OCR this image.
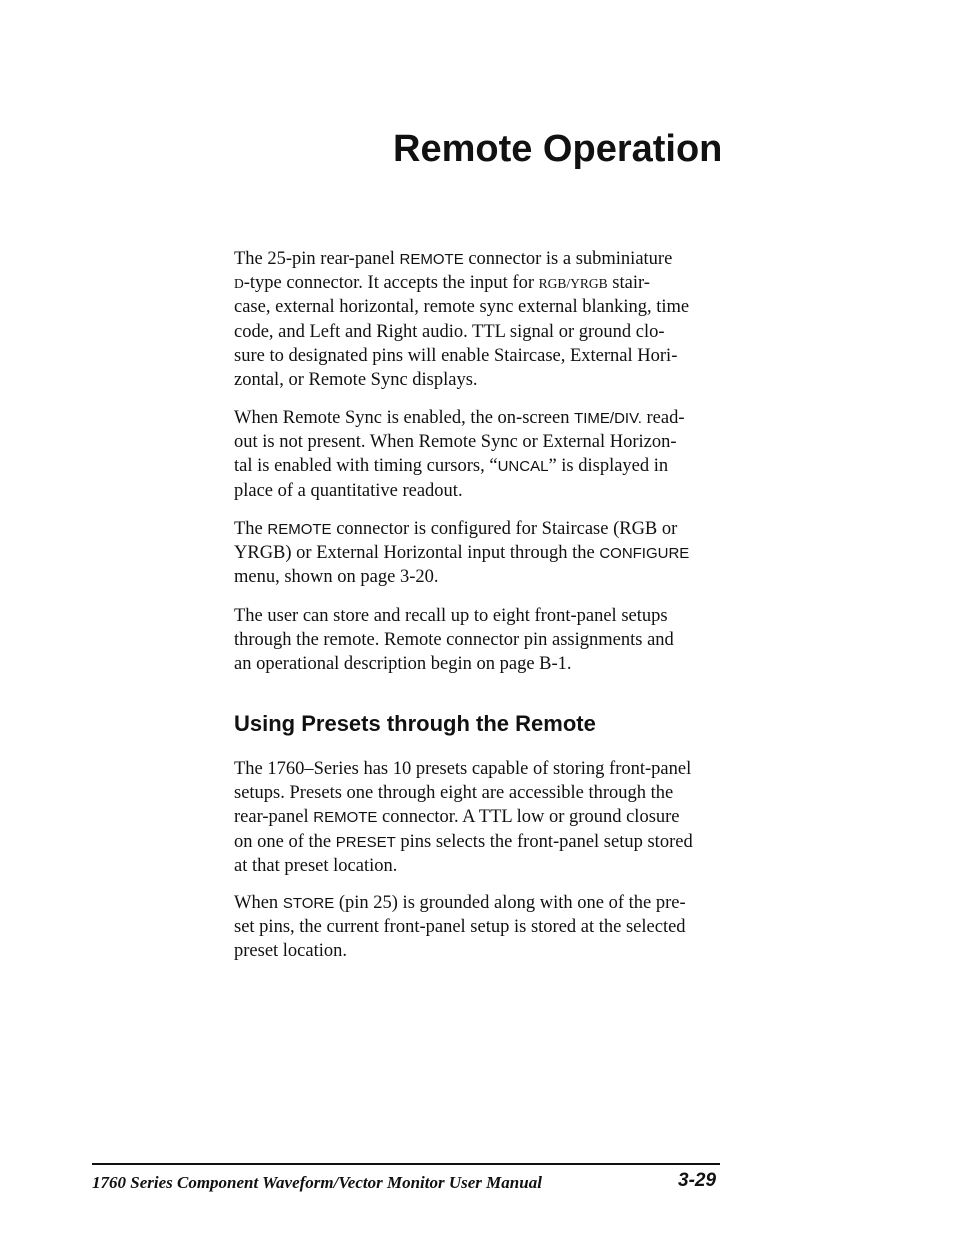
Remote Operation
The 25-pin rear-panel REMOTE connector is a subminiature
D-type connector. It accepts the input for RGB/YRGB stair-
case, external horizontal, remote sync external blanking, time
code, and Left and Right audio. TTL signal or ground clo-
sure to designated pins will enable Staircase, External Hori-
zontal, or Remote Sync displays.
When Remote Sync is enabled, the on-screen TIME/DIV. read-
out is not present. When Remote Sync or External Horizon-
tal is enabled with timing cursors, “UNCAL” is displayed in
place of a quantitative readout.
The REMOTE connector is configured for Staircase (RGB or
YRGB) or External Horizontal input through the CONFIGURE
menu, shown on page 3-20.
The user can store and recall up to eight front-panel setups
through the remote. Remote connector pin assignments and
an operational description begin on page B-1.
Using Presets through the Remote
The 1760–Series has 10 presets capable of storing front-panel
setups. Presets one through eight are accessible through the
rear-panel REMOTE connector. A TTL low or ground closure
on one of the PRESET pins selects the front-panel setup stored
at that preset location.
When STORE (pin 25) is grounded along with one of the pre-
set pins, the current front-panel setup is stored at the selected
preset location.
1760 Series Component Waveform/Vector Monitor User Manual	3-29
